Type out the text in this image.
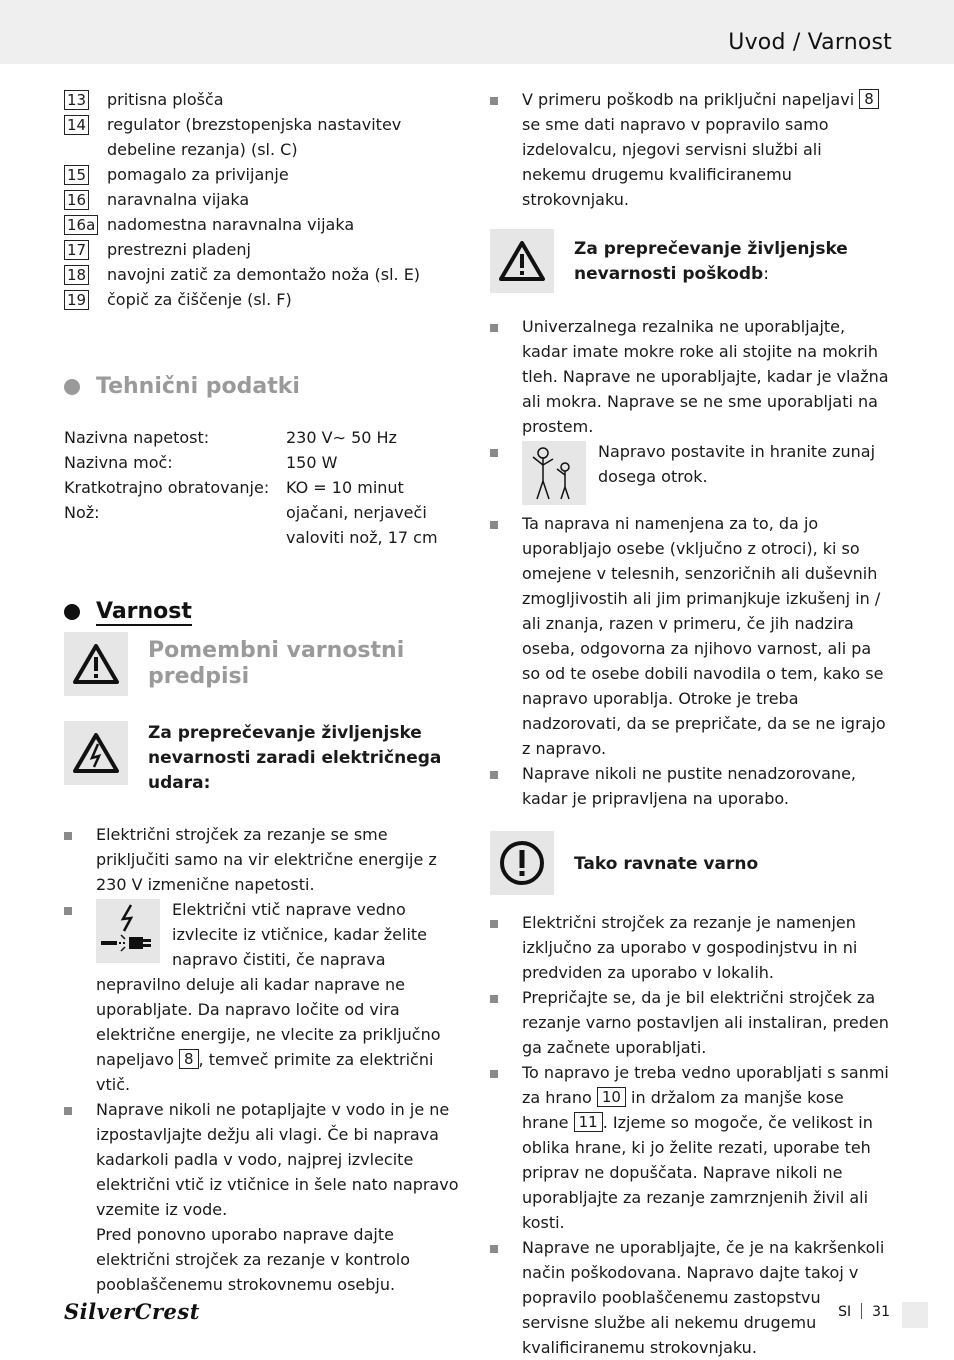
Uvod / Varnost
13 pritisna plošča
14 regulator (brezstopenjska nastavitev debeline rezanja) (sl. C)
15 pomagalo za privijanje
16 naravnalna vijaka
16a nadomestna naravnalna vijaka
17 prestrezni pladenj
18 navojni zatič za demontažo noža (sl. E)
19 čopič za čiščenje (sl. F)
Tehnični podatki
Nazivna napetost:	230 V∼ 50 Hz
Nazivna moč:	150 W
Kratkotrajno obratovanje:	KO = 10 minut
Nož:	ojačani, nerjaveči valoviti nož, 17 cm
Varnost
Pomembni varnostni predpisi
Za preprečevanje življenjske nevarnosti zaradi električnega udara:
Električni strojček za rezanje se sme priključiti samo na vir električne energije z 230 V izmenične napetosti.
Električni vtič naprave vedno izvlecite iz vtičnice, kadar želite napravo čistiti, če naprava nepravilno deluje ali kadar naprave ne uporabljate. Da napravo ločite od vira električne energije, ne vlecite za priključno napeljavo 8 , temveč primite za električni vtič.
Naprave nikoli ne potapljajte v vodo in je ne izpostavljajte dežju ali vlagi. Če bi naprava kadarkoli padla v vodo, najprej izvlecite električni vtič iz vtičnice in šele nato napravo vzemite iz vode.
Pred ponovno uporabo naprave dajte električni strojček za rezanje v kontrolo pooblaščenemu strokovnemu osebju.
V primeru poškodb na priključni napeljavi 8 se sme dati napravo v popravilo samo izdelovalcu, njegovi servisni službi ali nekemu drugemu kvalificiranemu strokovnjaku.
Za preprečevanje življenjske nevarnosti poškodb:
Univerzalnega rezalnika ne uporabljajte, kadar imate mokre roke ali stojite na mokrih tleh. Naprave ne uporabljajte, kadar je vlažna ali mokra. Naprave se ne sme uporabljati na prostem.
Napravo postavite in hranite zunaj dosega otrok.
Ta naprava ni namenjena za to, da jo uporabljajo osebe (vključno z otroci), ki so omejene v telesnih, senzoričnih ali duševnih zmogljivostih ali jim primanjkuje izkušenj in / ali znanja, razen v primeru, če jih nadzira oseba, odgovorna za njihovo varnost, ali pa so od te osebe dobili navodila o tem, kako se napravo uporablja. Otroke je treba nadzorovati, da se prepričate, da se ne igrajo z napravo.
Naprave nikoli ne pustite nenadzorovane, kadar je pripravljena na uporabo.
Tako ravnate varno
Električni strojček za rezanje je namenjen izključno za uporabo v gospodinjstvu in ni predviden za uporabo v lokalih.
Prepričajte se, da je bil električni strojček za rezanje varno postavljen ali instaliran, preden ga začnete uporabljati.
To napravo je treba vedno uporabljati s sanmi za hrano 10 in držalom za manjše kose hrane 11 . Izjeme so mogoče, če velikost in oblika hrane, ki jo želite rezati, uporabe teh priprav ne dopuščata. Naprave nikoli ne uporabljajte za rezanje zamrznjenih živil ali kosti.
Naprave ne uporabljajte, če je na kakršenkoli način poškodovana. Napravo dajte takoj v popravilo pooblaščenemu zastopstvu servisne službe ali nekemu drugemu kvalificiranemu strokovnjaku.
SilverCrest	SI 31
